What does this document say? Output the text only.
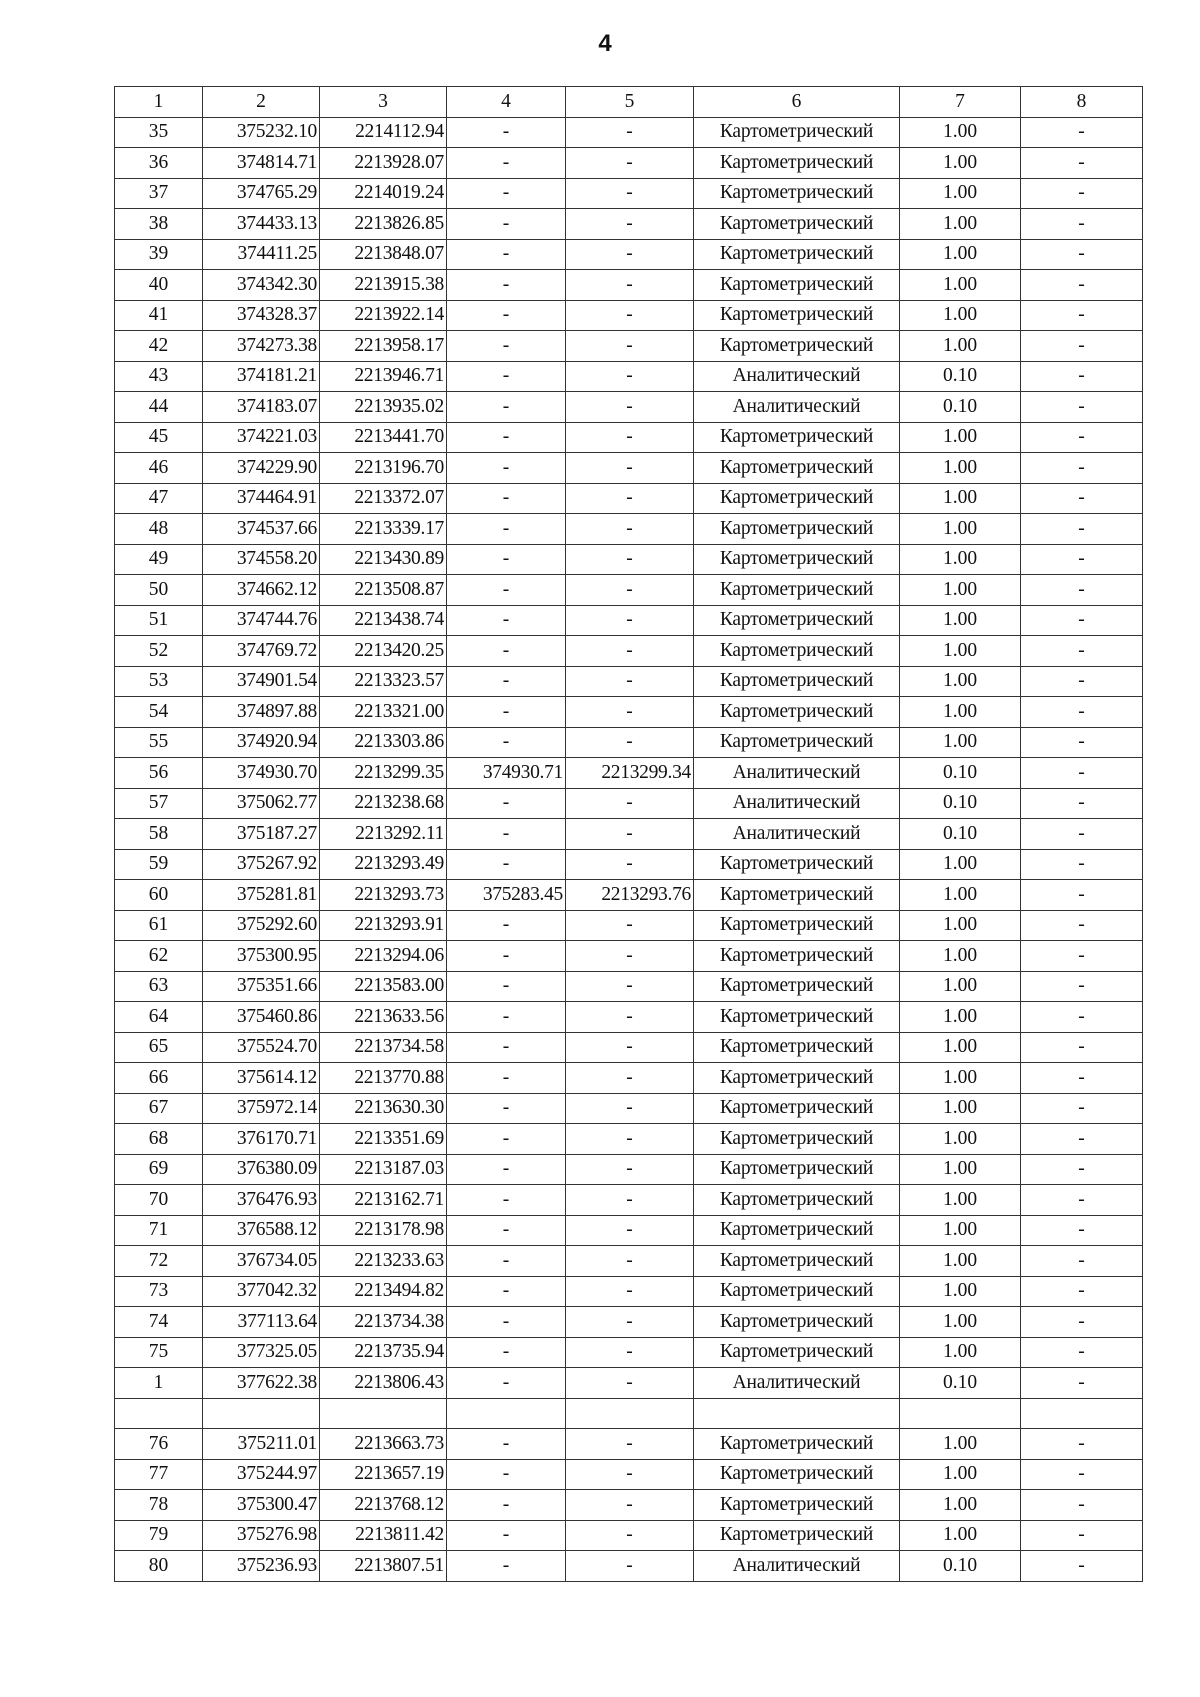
4
1	2	3	4	5	6	7	8
35	375232.10	2214112.94	-	-	Картометрический	1.00	-
36	374814.71	2213928.07	-	-	Картометрический	1.00	-
37	374765.29	2214019.24	-	-	Картометрический	1.00	-
38	374433.13	2213826.85	-	-	Картометрический	1.00	-
39	374411.25	2213848.07	-	-	Картометрический	1.00	-
40	374342.30	2213915.38	-	-	Картометрический	1.00	-
41	374328.37	2213922.14	-	-	Картометрический	1.00	-
42	374273.38	2213958.17	-	-	Картометрический	1.00	-
43	374181.21	2213946.71	-	-	Аналитический	0.10	-
44	374183.07	2213935.02	-	-	Аналитический	0.10	-
45	374221.03	2213441.70	-	-	Картометрический	1.00	-
46	374229.90	2213196.70	-	-	Картометрический	1.00	-
47	374464.91	2213372.07	-	-	Картометрический	1.00	-
48	374537.66	2213339.17	-	-	Картометрический	1.00	-
49	374558.20	2213430.89	-	-	Картометрический	1.00	-
50	374662.12	2213508.87	-	-	Картометрический	1.00	-
51	374744.76	2213438.74	-	-	Картометрический	1.00	-
52	374769.72	2213420.25	-	-	Картометрический	1.00	-
53	374901.54	2213323.57	-	-	Картометрический	1.00	-
54	374897.88	2213321.00	-	-	Картометрический	1.00	-
55	374920.94	2213303.86	-	-	Картометрический	1.00	-
56	374930.70	2213299.35	374930.71	2213299.34	Аналитический	0.10	-
57	375062.77	2213238.68	-	-	Аналитический	0.10	-
58	375187.27	2213292.11	-	-	Аналитический	0.10	-
59	375267.92	2213293.49	-	-	Картометрический	1.00	-
60	375281.81	2213293.73	375283.45	2213293.76	Картометрический	1.00	-
61	375292.60	2213293.91	-	-	Картометрический	1.00	-
62	375300.95	2213294.06	-	-	Картометрический	1.00	-
63	375351.66	2213583.00	-	-	Картометрический	1.00	-
64	375460.86	2213633.56	-	-	Картометрический	1.00	-
65	375524.70	2213734.58	-	-	Картометрический	1.00	-
66	375614.12	2213770.88	-	-	Картометрический	1.00	-
67	375972.14	2213630.30	-	-	Картометрический	1.00	-
68	376170.71	2213351.69	-	-	Картометрический	1.00	-
69	376380.09	2213187.03	-	-	Картометрический	1.00	-
70	376476.93	2213162.71	-	-	Картометрический	1.00	-
71	376588.12	2213178.98	-	-	Картометрический	1.00	-
72	376734.05	2213233.63	-	-	Картометрический	1.00	-
73	377042.32	2213494.82	-	-	Картометрический	1.00	-
74	377113.64	2213734.38	-	-	Картометрический	1.00	-
75	377325.05	2213735.94	-	-	Картометрический	1.00	-
1	377622.38	2213806.43	-	-	Аналитический	0.10	-

76	375211.01	2213663.73	-	-	Картометрический	1.00	-
77	375244.97	2213657.19	-	-	Картометрический	1.00	-
78	375300.47	2213768.12	-	-	Картометрический	1.00	-
79	375276.98	2213811.42	-	-	Картометрический	1.00	-
80	375236.93	2213807.51	-	-	Аналитический	0.10	-
